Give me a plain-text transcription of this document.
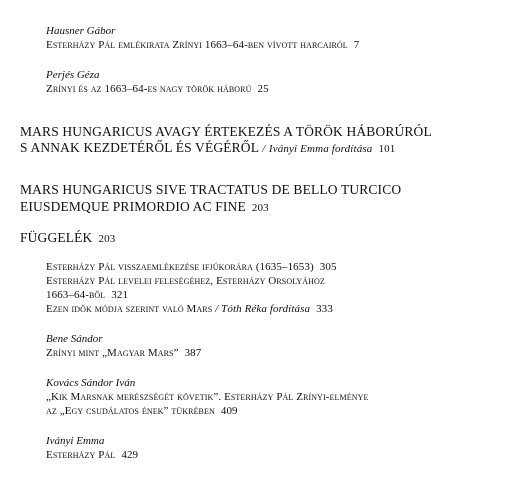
Hausner Gábor
Esterházy Pál emlékirata Zrínyi 1663–64-ben vívott harcairól 7
Perjés Géza
Zrínyi és az 1663–64-es nagy török háború 25
MARS HUNGARICUS AVAGY ÉRTEKEZÉS A TÖRÖK HÁBORÚRÓL
S ANNAK KEZDETÉRŐL ÉS VÉGÉRŐL / Iványi Emma fordítása 101
MARS HUNGARICUS SIVE TRACTATUS DE BELLO TURCICO
EIUSDEMQUE PRIMORDIO AC FINE 203
FÜGGELÉK 203
Esterházy Pál visszaemlékezése ifjúkorára (1635–1653) 305
Esterházy Pál levelei feleségéhez, Esterházy Orsolyához
1663–64-ből 321
Ezen idők módja szerint való Mars / Tóth Réka fordítása 333
Bene Sándor
Zrínyi mint „Magyar Mars” 387
Kovács Sándor Iván
„Kik Marsnak merészségét követik”. Esterházy Pál Zrínyi-elménye
az „Egy csudálatos ének” tükrében 409
Iványi Emma
Esterházy Pál 429
